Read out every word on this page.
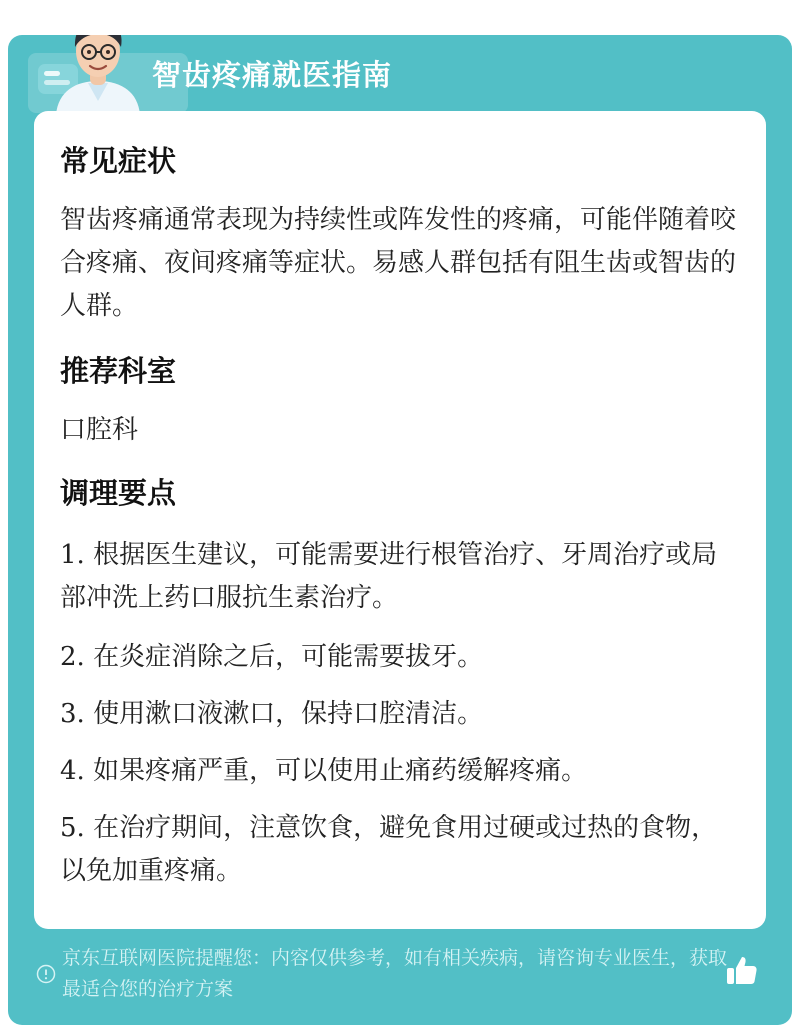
智齿疼痛就医指南
常见症状
智齿疼痛通常表现为持续性或阵发性的疼痛，可能伴随着咬合疼痛、夜间疼痛等症状。易感人群包括有阻生齿或智齿的人群。
推荐科室
口腔科
调理要点
1. 根据医生建议，可能需要进行根管治疗、牙周治疗或局部冲洗上药口服抗生素治疗。
2. 在炎症消除之后，可能需要拔牙。
3. 使用漱口液漱口，保持口腔清洁。
4. 如果疼痛严重，可以使用止痛药缓解疼痛。
5. 在治疗期间，注意饮食，避免食用过硬或过热的食物，以免加重疼痛。
京东互联网医院提醒您：内容仅供参考，如有相关疾病，请咨询专业医生，获取最适合您的治疗方案
